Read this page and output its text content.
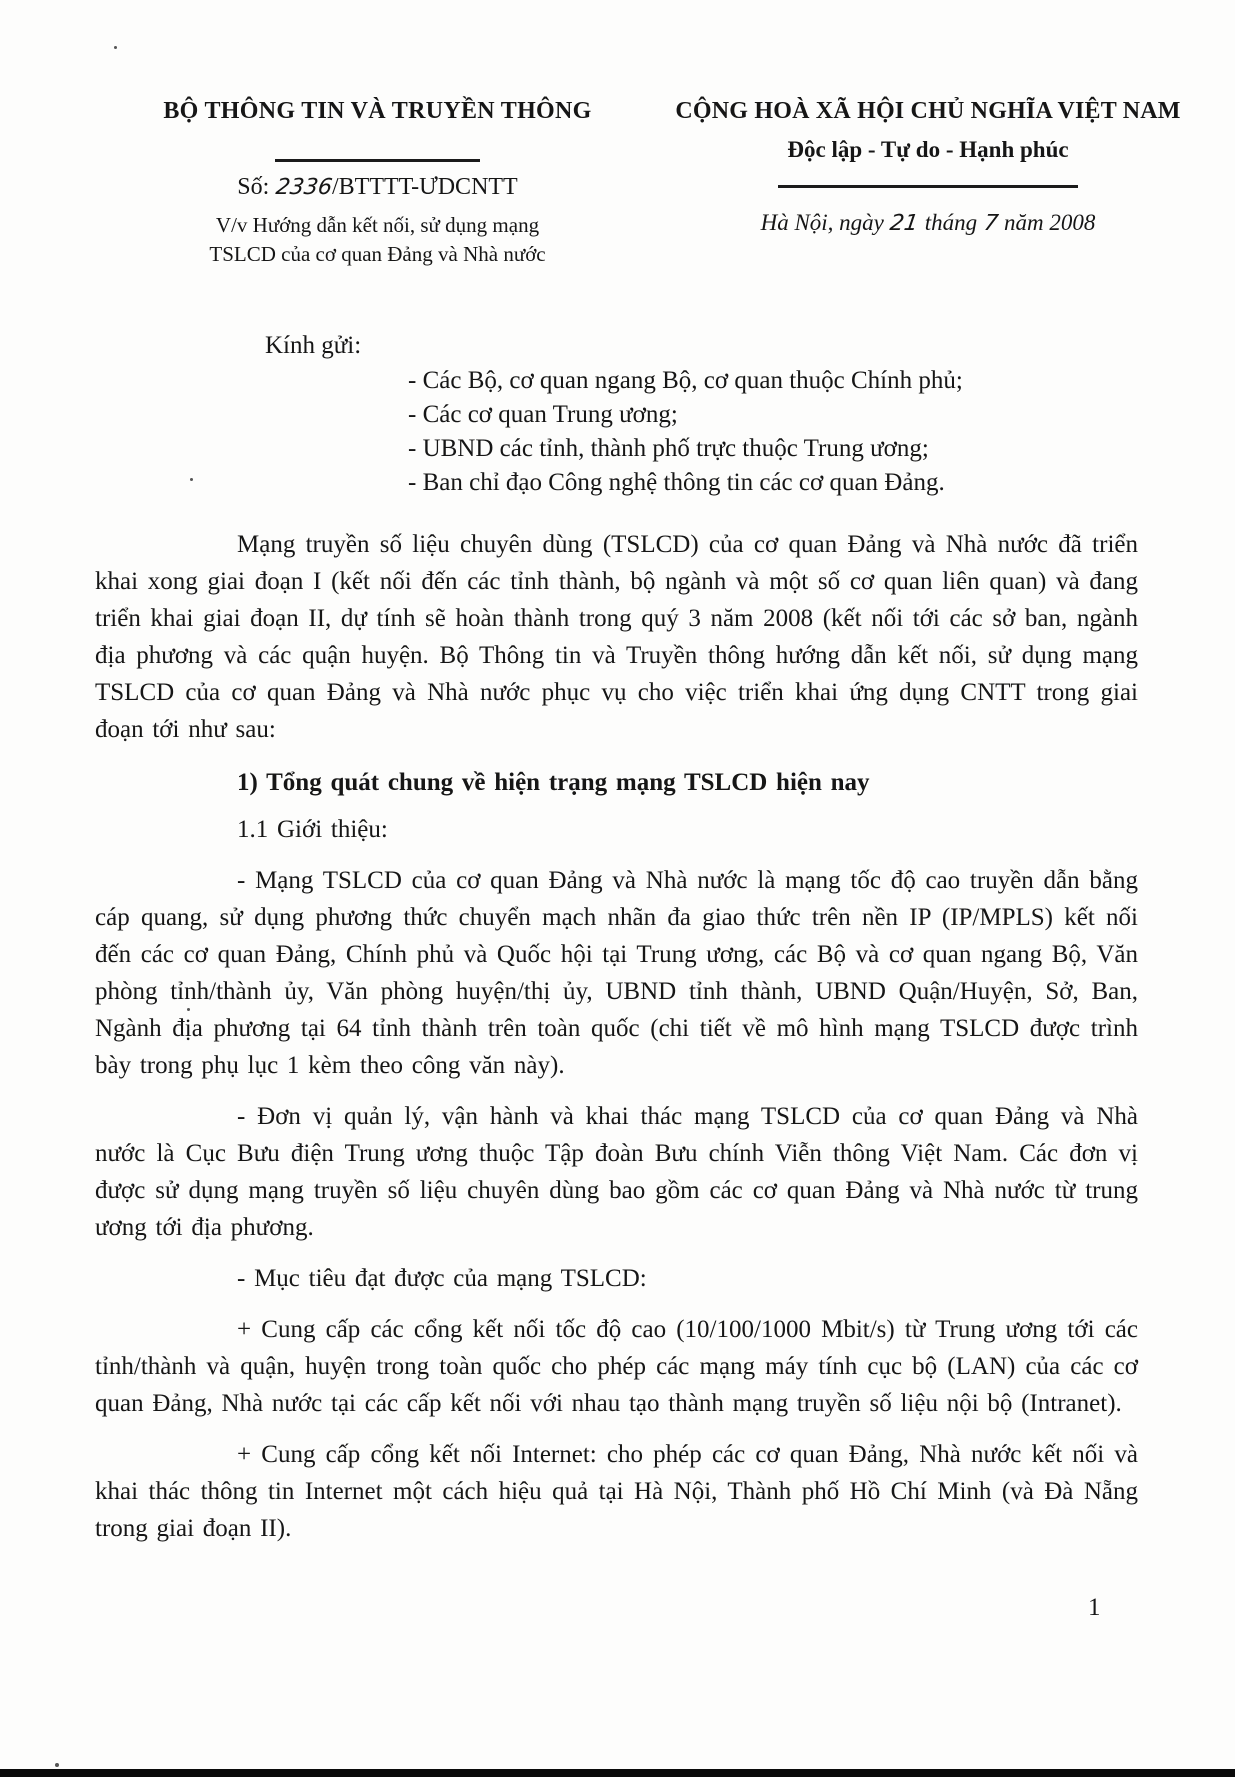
BỘ THÔNG TIN VÀ TRUYỀN THÔNG
Số: 2336/BTTTT-ƯDCNTT
V/v Hướng dẫn kết nối, sử dụng mạng
TSLCD của cơ quan Đảng và Nhà nước
CỘNG HOÀ XÃ HỘI CHỦ NGHĨA VIỆT NAM
Độc lập - Tự do - Hạnh phúc
Hà Nội, ngày 21 tháng 7 năm 2008
Kính gửi:
- Các Bộ, cơ quan ngang Bộ, cơ quan thuộc Chính phủ;
- Các cơ quan Trung ương;
- UBND các tỉnh, thành phố trực thuộc Trung ương;
- Ban chỉ đạo Công nghệ thông tin các cơ quan Đảng.

Mạng truyền số liệu chuyên dùng (TSLCD) của cơ quan Đảng và Nhà nước đã triển khai xong giai đoạn I (kết nối đến các tỉnh thành, bộ ngành và một số cơ quan liên quan) và đang triển khai giai đoạn II, dự tính sẽ hoàn thành trong quý 3 năm 2008 (kết nối tới các sở ban, ngành địa phương và các quận huyện. Bộ Thông tin và Truyền thông hướng dẫn kết nối, sử dụng mạng TSLCD của cơ quan Đảng và Nhà nước phục vụ cho việc triển khai ứng dụng CNTT trong giai đoạn tới như sau:

1) Tổng quát chung về hiện trạng mạng TSLCD hiện nay

1.1 Giới thiệu:

- Mạng TSLCD của cơ quan Đảng và Nhà nước là mạng tốc độ cao truyền dẫn bằng cáp quang, sử dụng phương thức chuyển mạch nhãn đa giao thức trên nền IP (IP/MPLS) kết nối đến các cơ quan Đảng, Chính phủ và Quốc hội tại Trung ương, các Bộ và cơ quan ngang Bộ, Văn phòng tỉnh/thành ủy, Văn phòng huyện/thị ủy, UBND tỉnh thành, UBND Quận/Huyện, Sở, Ban, Ngành địa phương tại 64 tỉnh thành trên toàn quốc (chi tiết về mô hình mạng TSLCD được trình bày trong phụ lục 1 kèm theo công văn này).

- Đơn vị quản lý, vận hành và khai thác mạng TSLCD của cơ quan Đảng và Nhà nước là Cục Bưu điện Trung ương thuộc Tập đoàn Bưu chính Viễn thông Việt Nam. Các đơn vị được sử dụng mạng truyền số liệu chuyên dùng bao gồm các cơ quan Đảng và Nhà nước từ trung ương tới địa phương.

- Mục tiêu đạt được của mạng TSLCD:

+ Cung cấp các cổng kết nối tốc độ cao (10/100/1000 Mbit/s) từ Trung ương tới các tỉnh/thành và quận, huyện trong toàn quốc cho phép các mạng máy tính cục bộ (LAN) của các cơ quan Đảng, Nhà nước tại các cấp kết nối với nhau tạo thành mạng truyền số liệu nội bộ (Intranet).

+ Cung cấp cổng kết nối Internet: cho phép các cơ quan Đảng, Nhà nước kết nối và khai thác thông tin Internet một cách hiệu quả tại Hà Nội, Thành phố Hồ Chí Minh (và Đà Nẵng trong giai đoạn II).

1
